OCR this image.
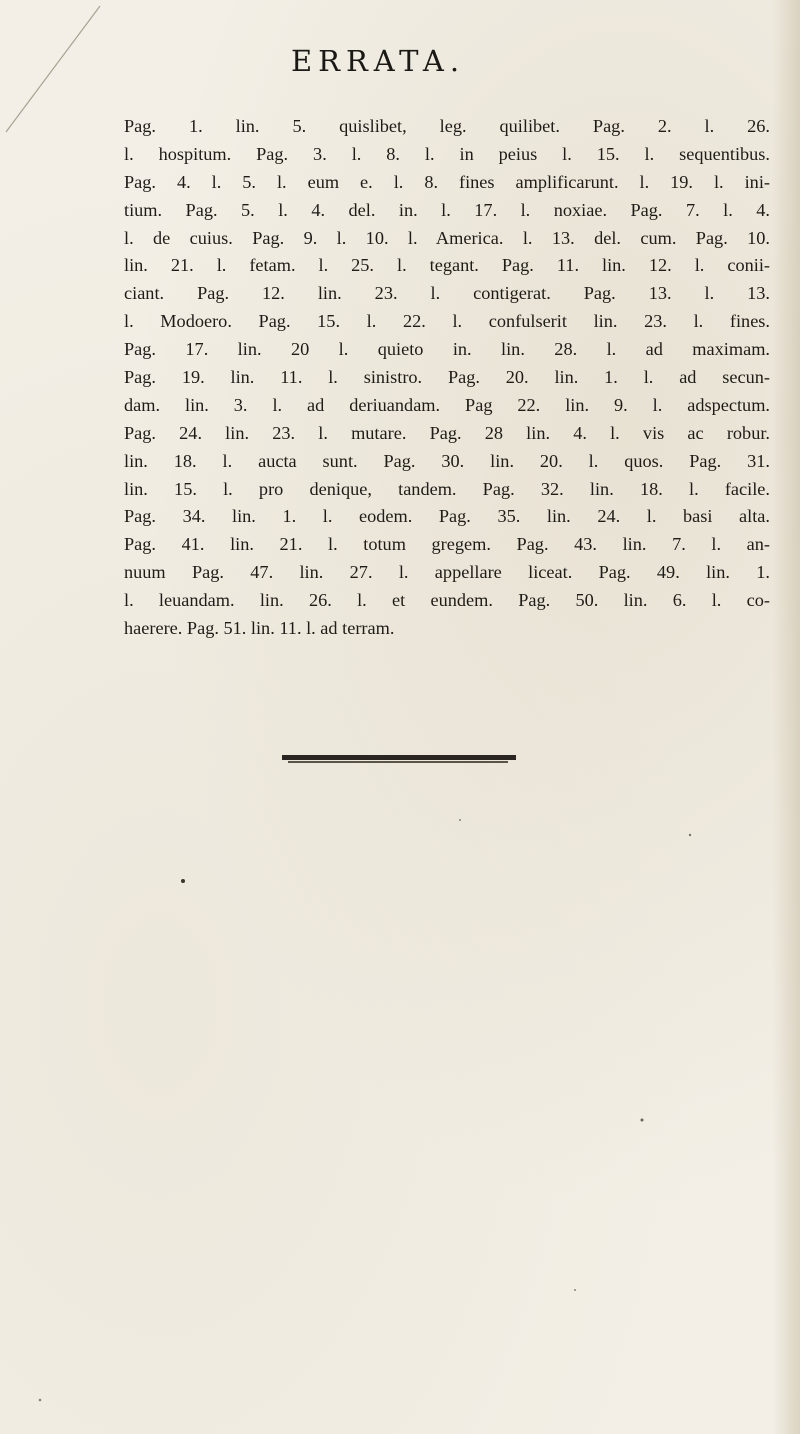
ERRATA.
Pag. 1. lin. 5. quislibet, leg. quilibet. Pag. 2. l. 26.
l. hospitum. Pag. 3. l. 8. l. in peius l. 15. l. sequentibus.
Pag. 4. l. 5. l. eum e. l. 8. fines amplificarunt. l. 19. l. ini-
tium. Pag. 5. l. 4. del. in. l. 17. l. noxiae. Pag. 7. l. 4.
l. de cuius. Pag. 9. l. 10. l. America. l. 13. del. cum. Pag. 10.
lin. 21. l. fetam. l. 25. l. tegant. Pag. 11. lin. 12. l. conii-
ciant. Pag. 12. lin. 23. l. contigerat. Pag. 13. l. 13.
l. Modoero. Pag. 15. l. 22. l. confulserit lin. 23. l. fines.
Pag. 17. lin. 20 l. quieto in. lin. 28. l. ad maximam.
Pag. 19. lin. 11. l. sinistro. Pag. 20. lin. 1. l. ad secun-
dam. lin. 3. l. ad deriuandam. Pag 22. lin. 9. l. adspectum.
Pag. 24. lin. 23. l. mutare. Pag. 28 lin. 4. l. vis ac robur.
lin. 18. l. aucta sunt. Pag. 30. lin. 20. l. quos. Pag. 31.
lin. 15. l. pro denique, tandem. Pag. 32. lin. 18. l. facile.
Pag. 34. lin. 1. l. eodem. Pag. 35. lin. 24. l. basi alta.
Pag. 41. lin. 21. l. totum gregem. Pag. 43. lin. 7. l. an-
nuum Pag. 47. lin. 27. l. appellare liceat. Pag. 49. lin. 1.
l. leuandam. lin. 26. l. et eundem. Pag. 50. lin. 6. l. co-
haerere. Pag. 51. lin. 11. l. ad terram.
